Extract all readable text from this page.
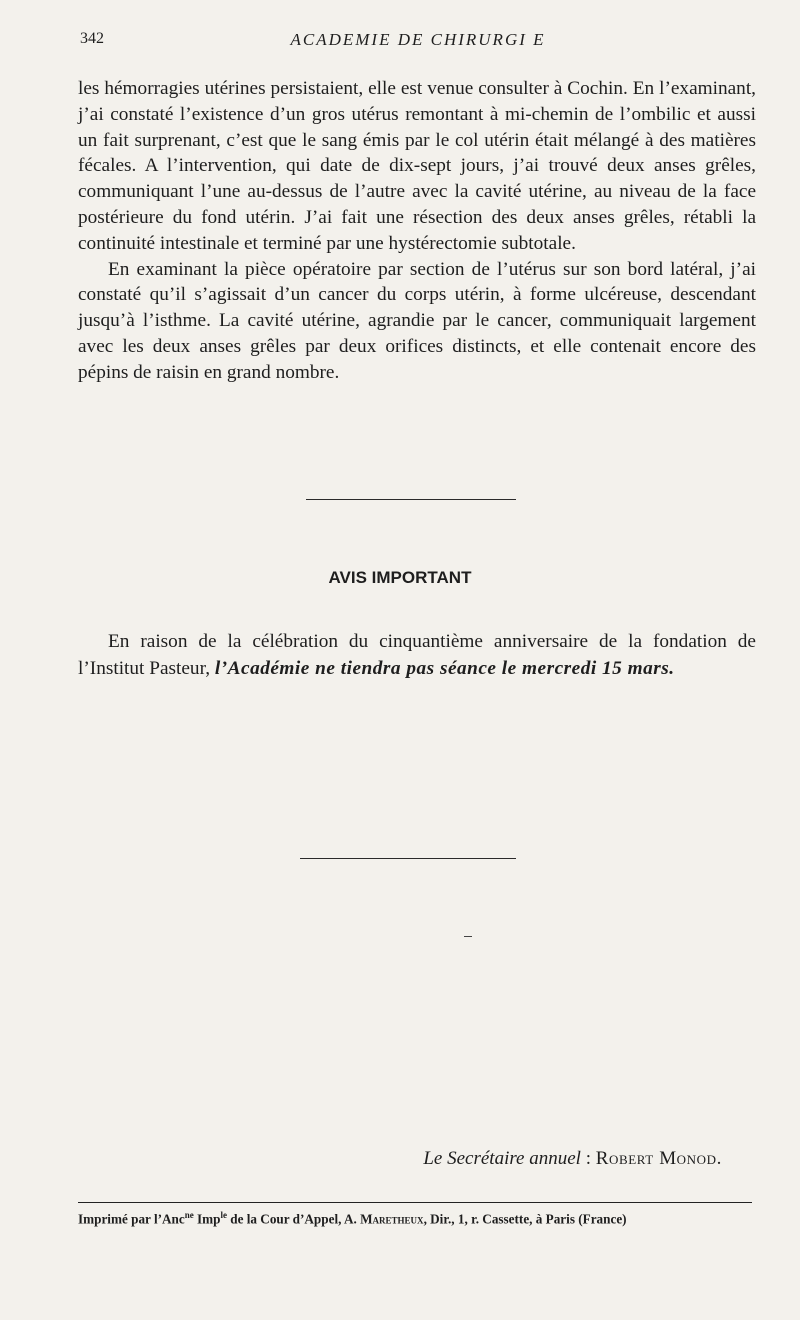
342	ACADEMIE DE CHIRURGI E

les hémorragies utérines persistaient, elle est venue consulter à Cochin. En l’examinant, j’ai constaté l’existence d’un gros utérus remontant à mi-chemin de l’ombilic et aussi un fait surprenant, c’est que le sang émis par le col utérin était mélangé à des matières fécales. A l’intervention, qui date de dix-sept jours, j’ai trouvé deux anses grêles, communiquant l’une au-dessus de l’autre avec la cavité utérine, au niveau de la face postérieure du fond utérin. J’ai fait une résection des deux anses grêles, rétabli la continuité intestinale et terminé par une hystérectomie subtotale.

En examinant la pièce opératoire par section de l’utérus sur son bord latéral, j’ai constaté qu’il s’agissait d’un cancer du corps utérin, à forme ulcéreuse, descendant jusqu’à l’isthme. La cavité utérine, agrandie par le cancer, communiquait largement avec les deux anses grêles par deux orifices distincts, et elle contenait encore des pépins de raisin en grand nombre.

AVIS IMPORTANT

En raison de la célébration du cinquantième anniversaire de la fondation de l’Institut Pasteur, l’Académie ne tiendra pas séance le mercredi 15 mars.

Le Secrétaire annuel : Robert Monod.
Imprimé par l’Anc$^{ne}$ Imp$^{le}$ de la Cour d’Appel, A. Maretheux, Dir., 1, r. Cassette, à Paris (France)
